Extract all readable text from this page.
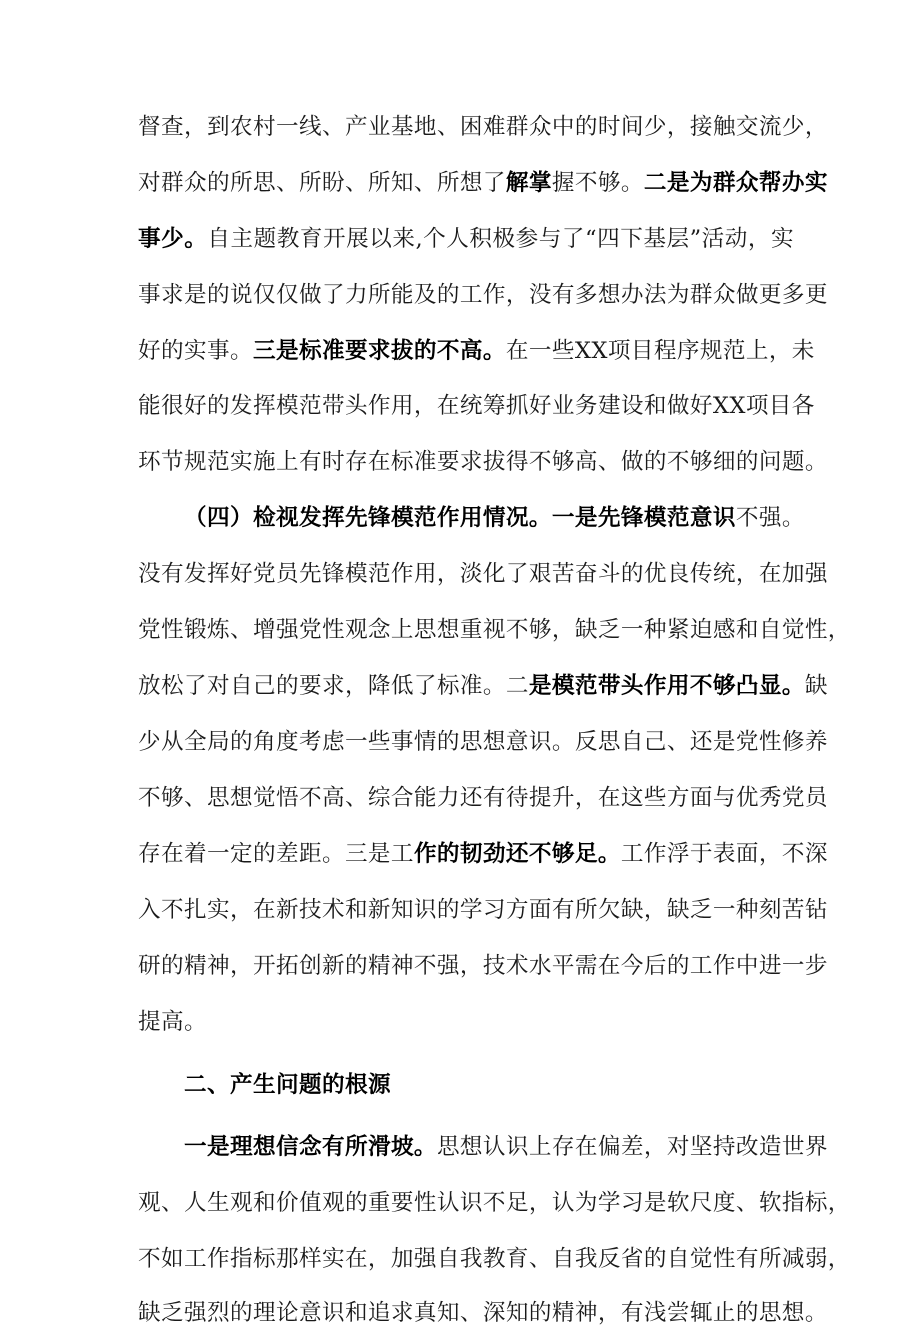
督查，到农村一线、产业基地、困难群众中的时间少，接触交流少，
对群众的所思、所盼、所知、所想了解掌握不够。二是为群众帮办实
事少。自主题教育开展以来,个人积极参与了“四下基层”活动，实
事求是的说仅仅做了力所能及的工作，没有多想办法为群众做更多更
好的实事。三是标准要求拔的不高。在一些XX项目程序规范上，未
能很好的发挥模范带头作用，在统筹抓好业务建设和做好XX项目各
环节规范实施上有时存在标准要求拔得不够高、做的不够细的问题。
（四）检视发挥先锋模范作用情况。一是先锋模范意识不强。
没有发挥好党员先锋模范作用，淡化了艰苦奋斗的优良传统，在加强
党性锻炼、增强党性观念上思想重视不够，缺乏一种紧迫感和自觉性，
放松了对自己的要求，降低了标准。二是模范带头作用不够凸显。缺
少从全局的角度考虑一些事情的思想意识。反思自己、还是党性修养
不够、思想觉悟不高、综合能力还有待提升，在这些方面与优秀党员
存在着一定的差距。三是工作的韧劲还不够足。工作浮于表面，不深
入不扎实，在新技术和新知识的学习方面有所欠缺，缺乏一种刻苦钻
研的精神，开拓创新的精神不强，技术水平需在今后的工作中进一步
提高。
二、产生问题的根源
一是理想信念有所滑坡。思想认识上存在偏差，对坚持改造世界
观、人生观和价值观的重要性认识不足，认为学习是软尺度、软指标，
不如工作指标那样实在，加强自我教育、自我反省的自觉性有所减弱，
缺乏强烈的理论意识和追求真知、深知的精神，有浅尝辄止的思想。
